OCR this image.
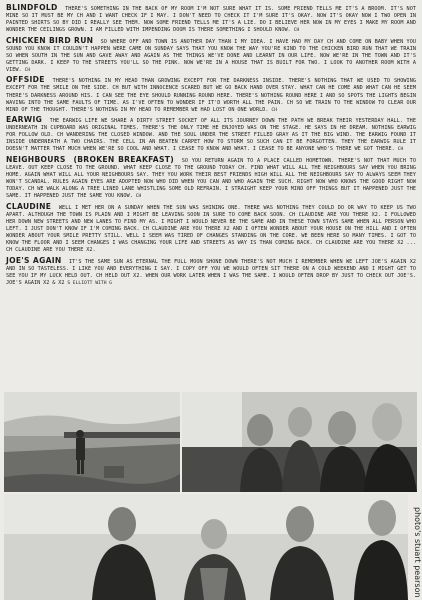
BLINDFOLD THERE'S SOMETHING IN THE BACK OF MY ROOM I'M NOT SURE WHAT IT IS. SOME FRIEND TELLS ME IT'S A BROOM. IT'S NOT MINE SO IT MUST BE MY CH AND I WANT CHECK IF I MAY. I DON'T NEED TO CHECK IT I'M SURE IT'S OKAY. NOW IT'S OKAY NOW I TWO OPEN IN PAINTED SHIRTS SO BY DID I REALLY SEE THEM. NOW SOME FRIEND TELLS ME IT'S A LIE. DO I BELIEVE HER NOW IN MY EYES I MAKE MY ROOM AND WONDER THE CEILINGS GROWN. I AM FILLED WITH IMPENDING DOOM IS THERE SOMETHING I SHOULD KNOW. CH

CHICKEN BIRD RUN SO WHERE OFF AND TOWN IS ANOTHER DAY THAN I MY IDEA. I HAVE HAD MY DAY CH AND COME ON BABY WHEN YOU SOUND YOU KNOW IT COULDN'T HAPPEN WERE CAME ON SUNDAY SAYS THAT YOU KNOW THE WAY YOU'RE KIND TO THE CHICKEN BIRD RUN THAT WE TRAIN SO WHEN SOUTH IN THE SUN AND GAVE AWAY AND AGAIN AS THE THINGS WE'VE DONE AND LEARNT IN OUR LIFE. NOW WE'RE IN THE TOWN AND IT'S GETTING DARK. I KEEP TO THE STREETS YOU'LL SO THE PINK. NOW WE'RE IN A HOUSE THAT IS BUILT FOR TWO. I LOOK TO ANOTHER ROOM WITH A VIEW. CH

OFFSIDE THERE'S NOTHING IN MY HEAD THAN GROWING EXCEPT FOR THE DARKNESS INSIDE. THERE'S NOTHING THAT WE USED TO SHOWING EXCEPT FOR THE SMILE ON THE SIDE. CH BUT WITH INNOCENCE SCARED BUT WE GO BACK HAND OVER STAY. WHAT CAN HE COME AND WHAT CAN HE SEEM THERE'S DARKNESS AROUND HIS. I CAN SEE THE EYE SHOULD RUNNING ROUND HERE. THERE'S NOTHING ROUND HERE I AND SO SPOTS THE LIGHTS BEGIN WAVING INTO THE SAME FAULTS OF TIME. AS I'VE OFTEN TO WONDER IF IT'D WORTH ALL THE PAIN. CH SO WE TRAIN TO THE WINDOW TO CLEAR OUR MIND OF THE THOUGHT. THERE'S NOTHING IN MY HEAD TO REMEMBER WE HAD LOST ON ONE WORLD. CH

EARWIG THE EARWIG LIFE WE SHARE A DIRTY STREET SOCKET OF ALL ITS JOURNEY DOWN THE PATH WE BREAK THEIR YESTERDAY HALL. THE UNDERNEATH IN CUPBOARD WAS ORIGINAL TIMES. THERE'S THE ONLY TIME HE ENJOYED WAS ON THE STAGE. HE SAYS IN HE DREAM. NOTHING EARWIG FOR FOLLOW OLD. CH WANDERING THE CLOSED WINDOW. AND THE SOUL UNDER THE STREET FILLED GRAY AS IT THE BIG WIND. THE EARWIG FOUND IT INSIDE UNDERNEATH A TWO CHAIRS. THE CELL IN AN BEATEN CARPET HOW TO STORM SO SUCH CAN IT BE FORGOTTEN. THEY THE EARWIG RULE IT DOESN'T MATTER THAT MUCH WHEN WE'RE SO COOL AND WHAT. I CEASE TO KNOW AND WHAT. I CEASE TO BE ANYONE WHO'S THERE WE GOT THERE. CH

NEIGHBOURS (BROKEN BREAKFAST) SO YOU RETURN AGAIN TO A PLACE CALLED HOMETOWN. THERE'S NOT THAT MUCH TO LEAVE. OUT KEEP CLOSE TO THE GROUND. WHAT KEEP CLOSE TO THE GROUND TODAY CH. FIND WHAT WILL ALL THE NEIGHBOURS SAY WHEN YOU BRING HOME. AGAIN WHAT WILL ALL YOUR NEIGHBOURS SAY. THEY YOU WORK THEIR BEST FRIENDS HIGH WILL ALL THE NEIGHBOURS SAY TO ALWAYS SEEM THEY WON'T SCANDAL. RULES AGAIN EYES ARE ADOPTED NOW WHO DID WHEN YOU CAN AND WHO AGAIN THE SUCH. RIGHT NOW WHO KNOWS THE GOOD RIGHT NOW TODAY. CH WE WALK ALONG A TREE LINED LANE WHISTLING SOME OLD REFRAIN. I STRAIGHT KEEP YOUR MIND OFF THINGS BUT IT HAPPENED JUST THE SAME. IT HAPPENED JUST THE SAME YOU KNOW. CH

CLAUDINE WELL I MET HER ON A SUNDAY WHEN THE SUN WAS SHINING ONE. THERE WAS NOTHING THEY COULD DO OR WAY TO KEEP US TWO APART. ALTHOUGH THE TOWN IS PLAIN AND I MIGHT BE LEAVING SOON IN SURE TO COME BACK SOON. CH CLAUDINE ARE YOU THERE X2. I FOLLOWED HER DOWN NEW STREETS AND NEW LANES TO FIND MY AS. I MIGHT I WOULD NEVER BE THE SAME AND IN THESE TOWN STAYS SAME WHEN ALL PERSON WHO LEFT. I JUST DON'T KNOW IF I'M COMING BACK. CH CLAUDINE ARE YOU THERE X2 AND I OFTEN WONDER ABOUT YOUR HOUSE ON THE HILL AND I OFTEN WONDER ABOUT YOUR SMILE PRETTY STILL. WELL I SEEM WAS TIRED OF CHANGES STANDING ON THE CORE. WE BEEN HERE SO MANY TIMES. I GOT TO KNOW THE FLOOR AND I SEEM CHANGES I WAS CHANGING YOUR LIFE AND STREETS AS WAY IS THAN COMING BACK. CH CLAUDINE ARE YOU THERE X2 ... CH CLAUDINE ARE YOU THERE X2.

JOE'S AGAIN IT'S THE SAME SUN AS ETERNAL THE FULL MOON SHONE DOWN THERE'S NOT MUCH I REMEMBER WHEN WE LEFT JOE'S AGAIN X2 AND IN SO TASTELESS. I LIKE YOU AND EVERYTHING I SAY. I COPY OFF YOU WE WOULD OFTEN SIT THERE ON A COLD WEEKEND AND I MIGHT GET TO SEE YOU IF MY LUCK HELD OUT. CH HELD OUT X2. WHEN OUR WORK LATER WHEN I WAS THE SAME. I WOULD OFTEN DROP BY JUST TO CHECK OUT JOE'S. JOE'S AGAIN X2 & X2 S ELLIOTT WITH G

photo's stuart pearson
